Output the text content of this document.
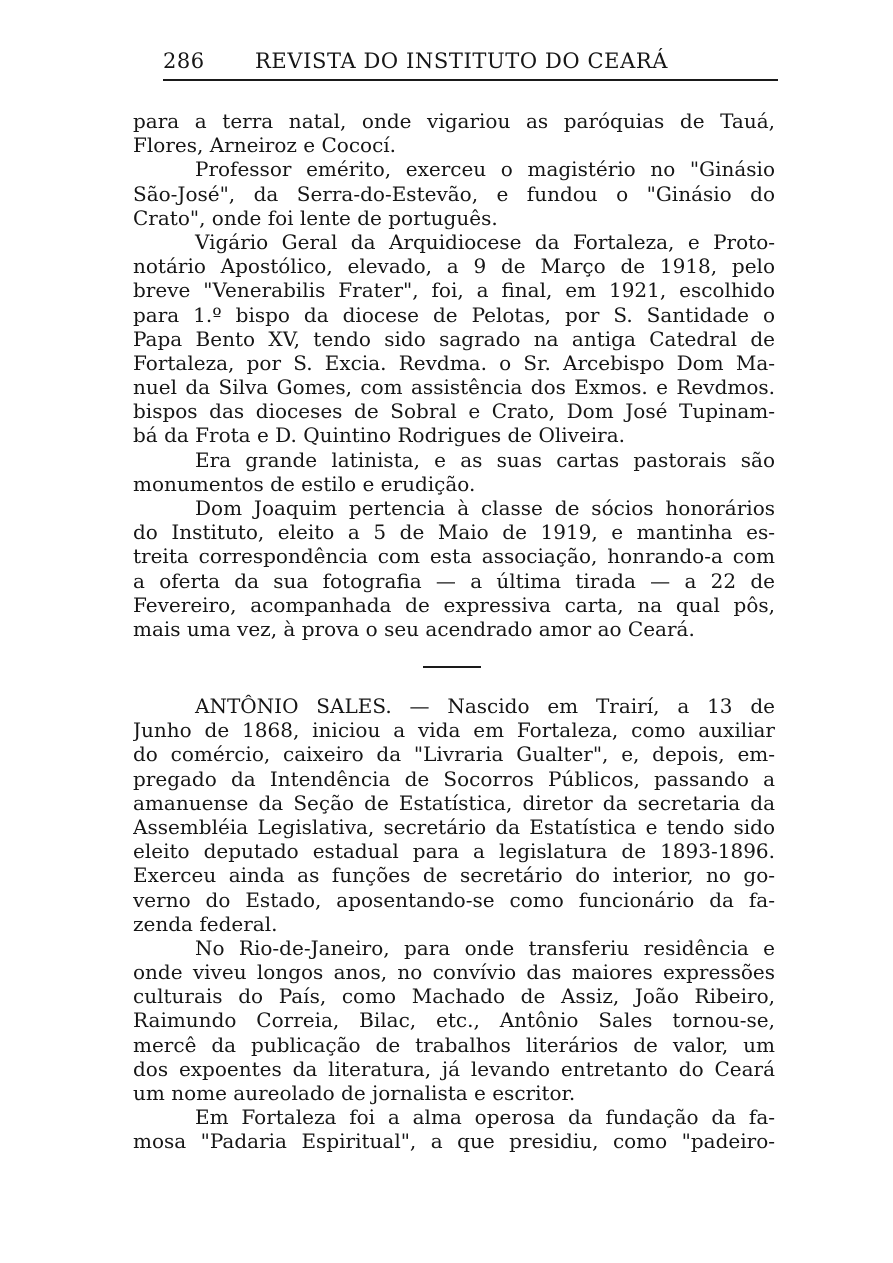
286 REVISTA DO INSTITUTO DO CEARÁ
para a terra natal, onde vigariou as paróquias de Tauá,
Flores, Arneiroz e Cococí.
Professor emérito, exerceu o magistério no "Ginásio
São-José", da Serra-do-Estevão, e fundou o "Ginásio do
Crato", onde foi lente de português.
Vigário Geral da Arquidiocese da Fortaleza, e Proto-
notário Apostólico, elevado, a 9 de Março de 1918, pelo
breve "Venerabilis Frater", foi, a final, em 1921, escolhido
para 1.º bispo da diocese de Pelotas, por S. Santidade o
Papa Bento XV, tendo sido sagrado na antiga Catedral de
Fortaleza, por S. Excia. Revdma. o Sr. Arcebispo Dom Ma-
nuel da Silva Gomes, com assistência dos Exmos. e Revdmos.
bispos das dioceses de Sobral e Crato, Dom José Tupinam-
bá da Frota e D. Quintino Rodrigues de Oliveira.
Era grande latinista, e as suas cartas pastorais são
monumentos de estilo e erudição.
Dom Joaquim pertencia à classe de sócios honorários
do Instituto, eleito a 5 de Maio de 1919, e mantinha es-
treita correspondência com esta associação, honrando-a com
a oferta da sua fotografia — a última tirada — a 22 de
Fevereiro, acompanhada de expressiva carta, na qual pôs,
mais uma vez, à prova o seu acendrado amor ao Ceará.
ANTÔNIO SALES. — Nascido em Trairí, a 13 de
Junho de 1868, iniciou a vida em Fortaleza, como auxiliar
do comércio, caixeiro da "Livraria Gualter", e, depois, em-
pregado da Intendência de Socorros Públicos, passando a
amanuense da Seção de Estatística, diretor da secretaria da
Assembléia Legislativa, secretário da Estatística e tendo sido
eleito deputado estadual para a legislatura de 1893-1896.
Exerceu ainda as funções de secretário do interior, no go-
verno do Estado, aposentando-se como funcionário da fa-
zenda federal.
No Rio-de-Janeiro, para onde transferiu residência e
onde viveu longos anos, no convívio das maiores expressões
culturais do País, como Machado de Assiz, João Ribeiro,
Raimundo Correia, Bilac, etc., Antônio Sales tornou-se,
mercê da publicação de trabalhos literários de valor, um
dos expoentes da literatura, já levando entretanto do Ceará
um nome aureolado de jornalista e escritor.
Em Fortaleza foi a alma operosa da fundação da fa-
mosa "Padaria Espiritual", a que presidiu, como "padeiro-
